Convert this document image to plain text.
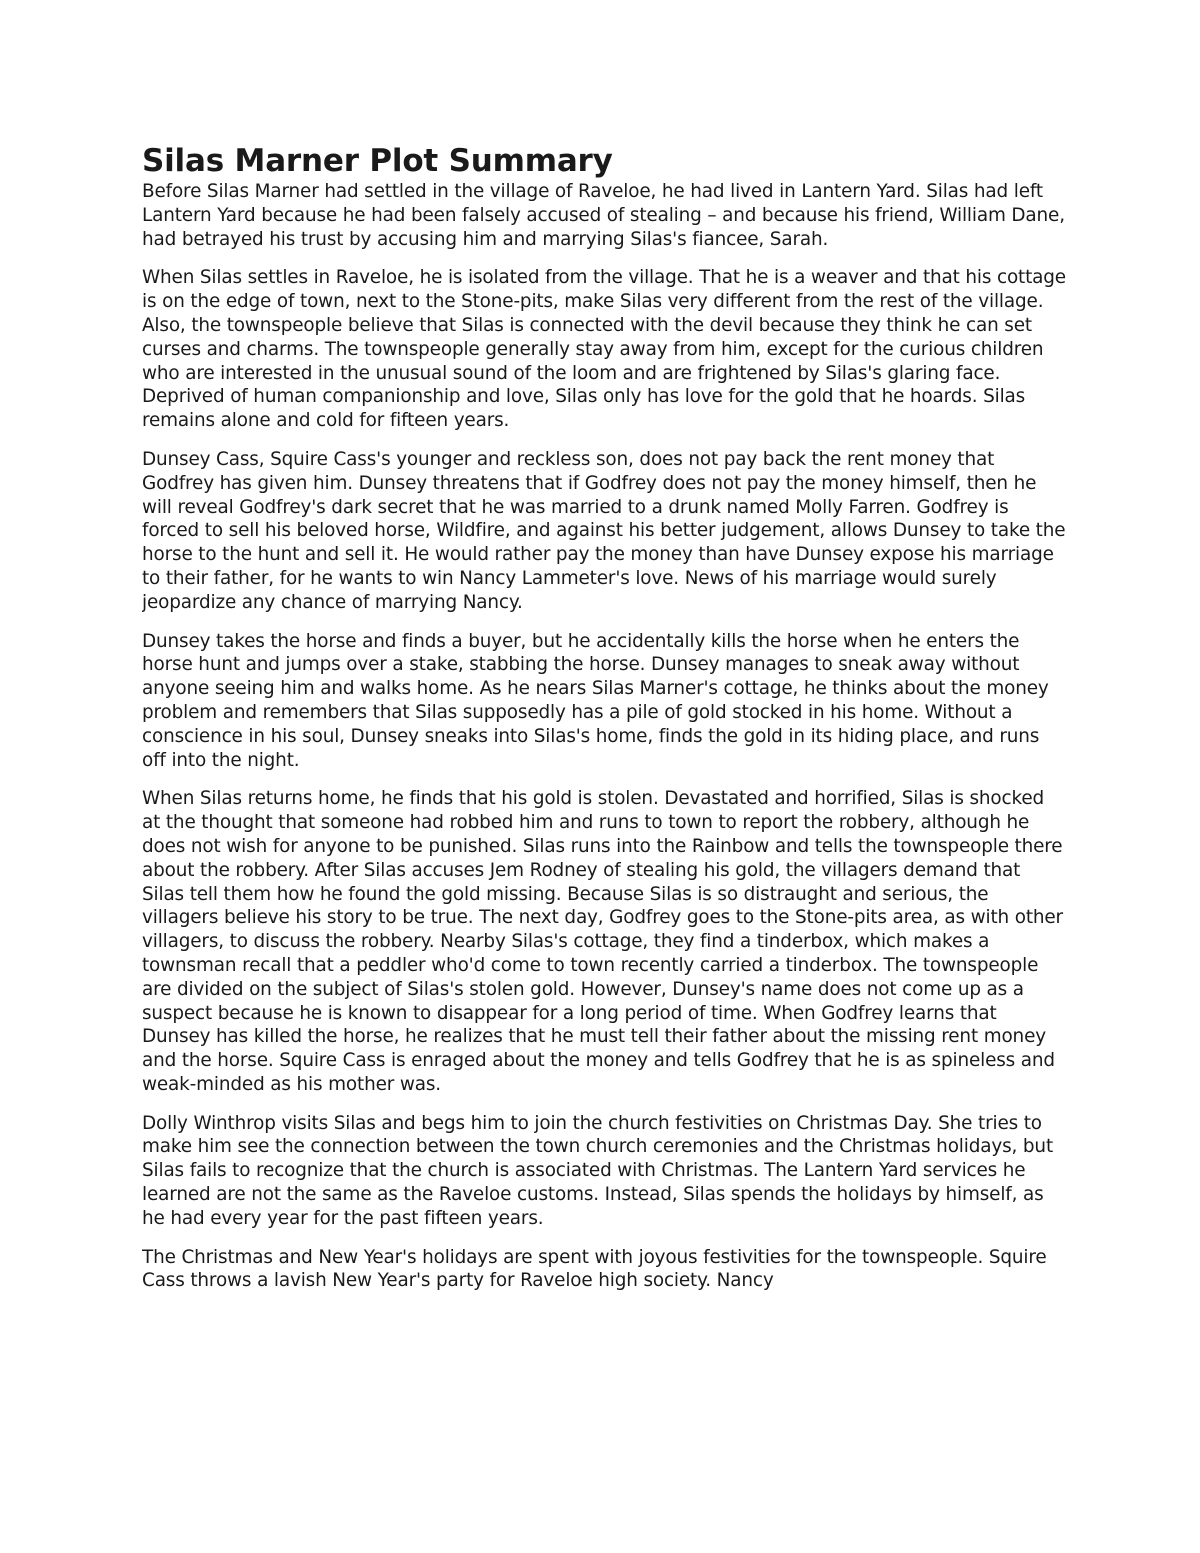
Silas Marner Plot Summary

Before Silas Marner had settled in the village of Raveloe, he had lived in Lantern Yard. Silas had left Lantern Yard because he had been falsely accused of stealing – and because his friend, William Dane, had betrayed his trust by accusing him and marrying Silas's fiancee, Sarah.

When Silas settles in Raveloe, he is isolated from the village. That he is a weaver and that his cottage is on the edge of town, next to the Stone-pits, make Silas very different from the rest of the village. Also, the townspeople believe that Silas is connected with the devil because they think he can set curses and charms. The townspeople generally stay away from him, except for the curious children who are interested in the unusual sound of the loom and are frightened by Silas's glaring face. Deprived of human companionship and love, Silas only has love for the gold that he hoards. Silas remains alone and cold for fifteen years.

Dunsey Cass, Squire Cass's younger and reckless son, does not pay back the rent money that Godfrey has given him. Dunsey threatens that if Godfrey does not pay the money himself, then he will reveal Godfrey's dark secret that he was married to a drunk named Molly Farren. Godfrey is forced to sell his beloved horse, Wildfire, and against his better judgement, allows Dunsey to take the horse to the hunt and sell it. He would rather pay the money than have Dunsey expose his marriage to their father, for he wants to win Nancy Lammeter's love. News of his marriage would surely jeopardize any chance of marrying Nancy.

Dunsey takes the horse and finds a buyer, but he accidentally kills the horse when he enters the horse hunt and jumps over a stake, stabbing the horse. Dunsey manages to sneak away without anyone seeing him and walks home. As he nears Silas Marner's cottage, he thinks about the money problem and remembers that Silas supposedly has a pile of gold stocked in his home. Without a conscience in his soul, Dunsey sneaks into Silas's home, finds the gold in its hiding place, and runs off into the night.

When Silas returns home, he finds that his gold is stolen. Devastated and horrified, Silas is shocked at the thought that someone had robbed him and runs to town to report the robbery, although he does not wish for anyone to be punished. Silas runs into the Rainbow and tells the townspeople there about the robbery. After Silas accuses Jem Rodney of stealing his gold, the villagers demand that Silas tell them how he found the gold missing. Because Silas is so distraught and serious, the villagers believe his story to be true. The next day, Godfrey goes to the Stone-pits area, as with other villagers, to discuss the robbery. Nearby Silas's cottage, they find a tinderbox, which makes a townsman recall that a peddler who'd come to town recently carried a tinderbox. The townspeople are divided on the subject of Silas's stolen gold. However, Dunsey's name does not come up as a suspect because he is known to disappear for a long period of time. When Godfrey learns that Dunsey has killed the horse, he realizes that he must tell their father about the missing rent money and the horse. Squire Cass is enraged about the money and tells Godfrey that he is as spineless and weak-minded as his mother was.

Dolly Winthrop visits Silas and begs him to join the church festivities on Christmas Day. She tries to make him see the connection between the town church ceremonies and the Christmas holidays, but Silas fails to recognize that the church is associated with Christmas. The Lantern Yard services he learned are not the same as the Raveloe customs. Instead, Silas spends the holidays by himself, as he had every year for the past fifteen years.

The Christmas and New Year's holidays are spent with joyous festivities for the townspeople. Squire Cass throws a lavish New Year's party for Raveloe high society. Nancy
